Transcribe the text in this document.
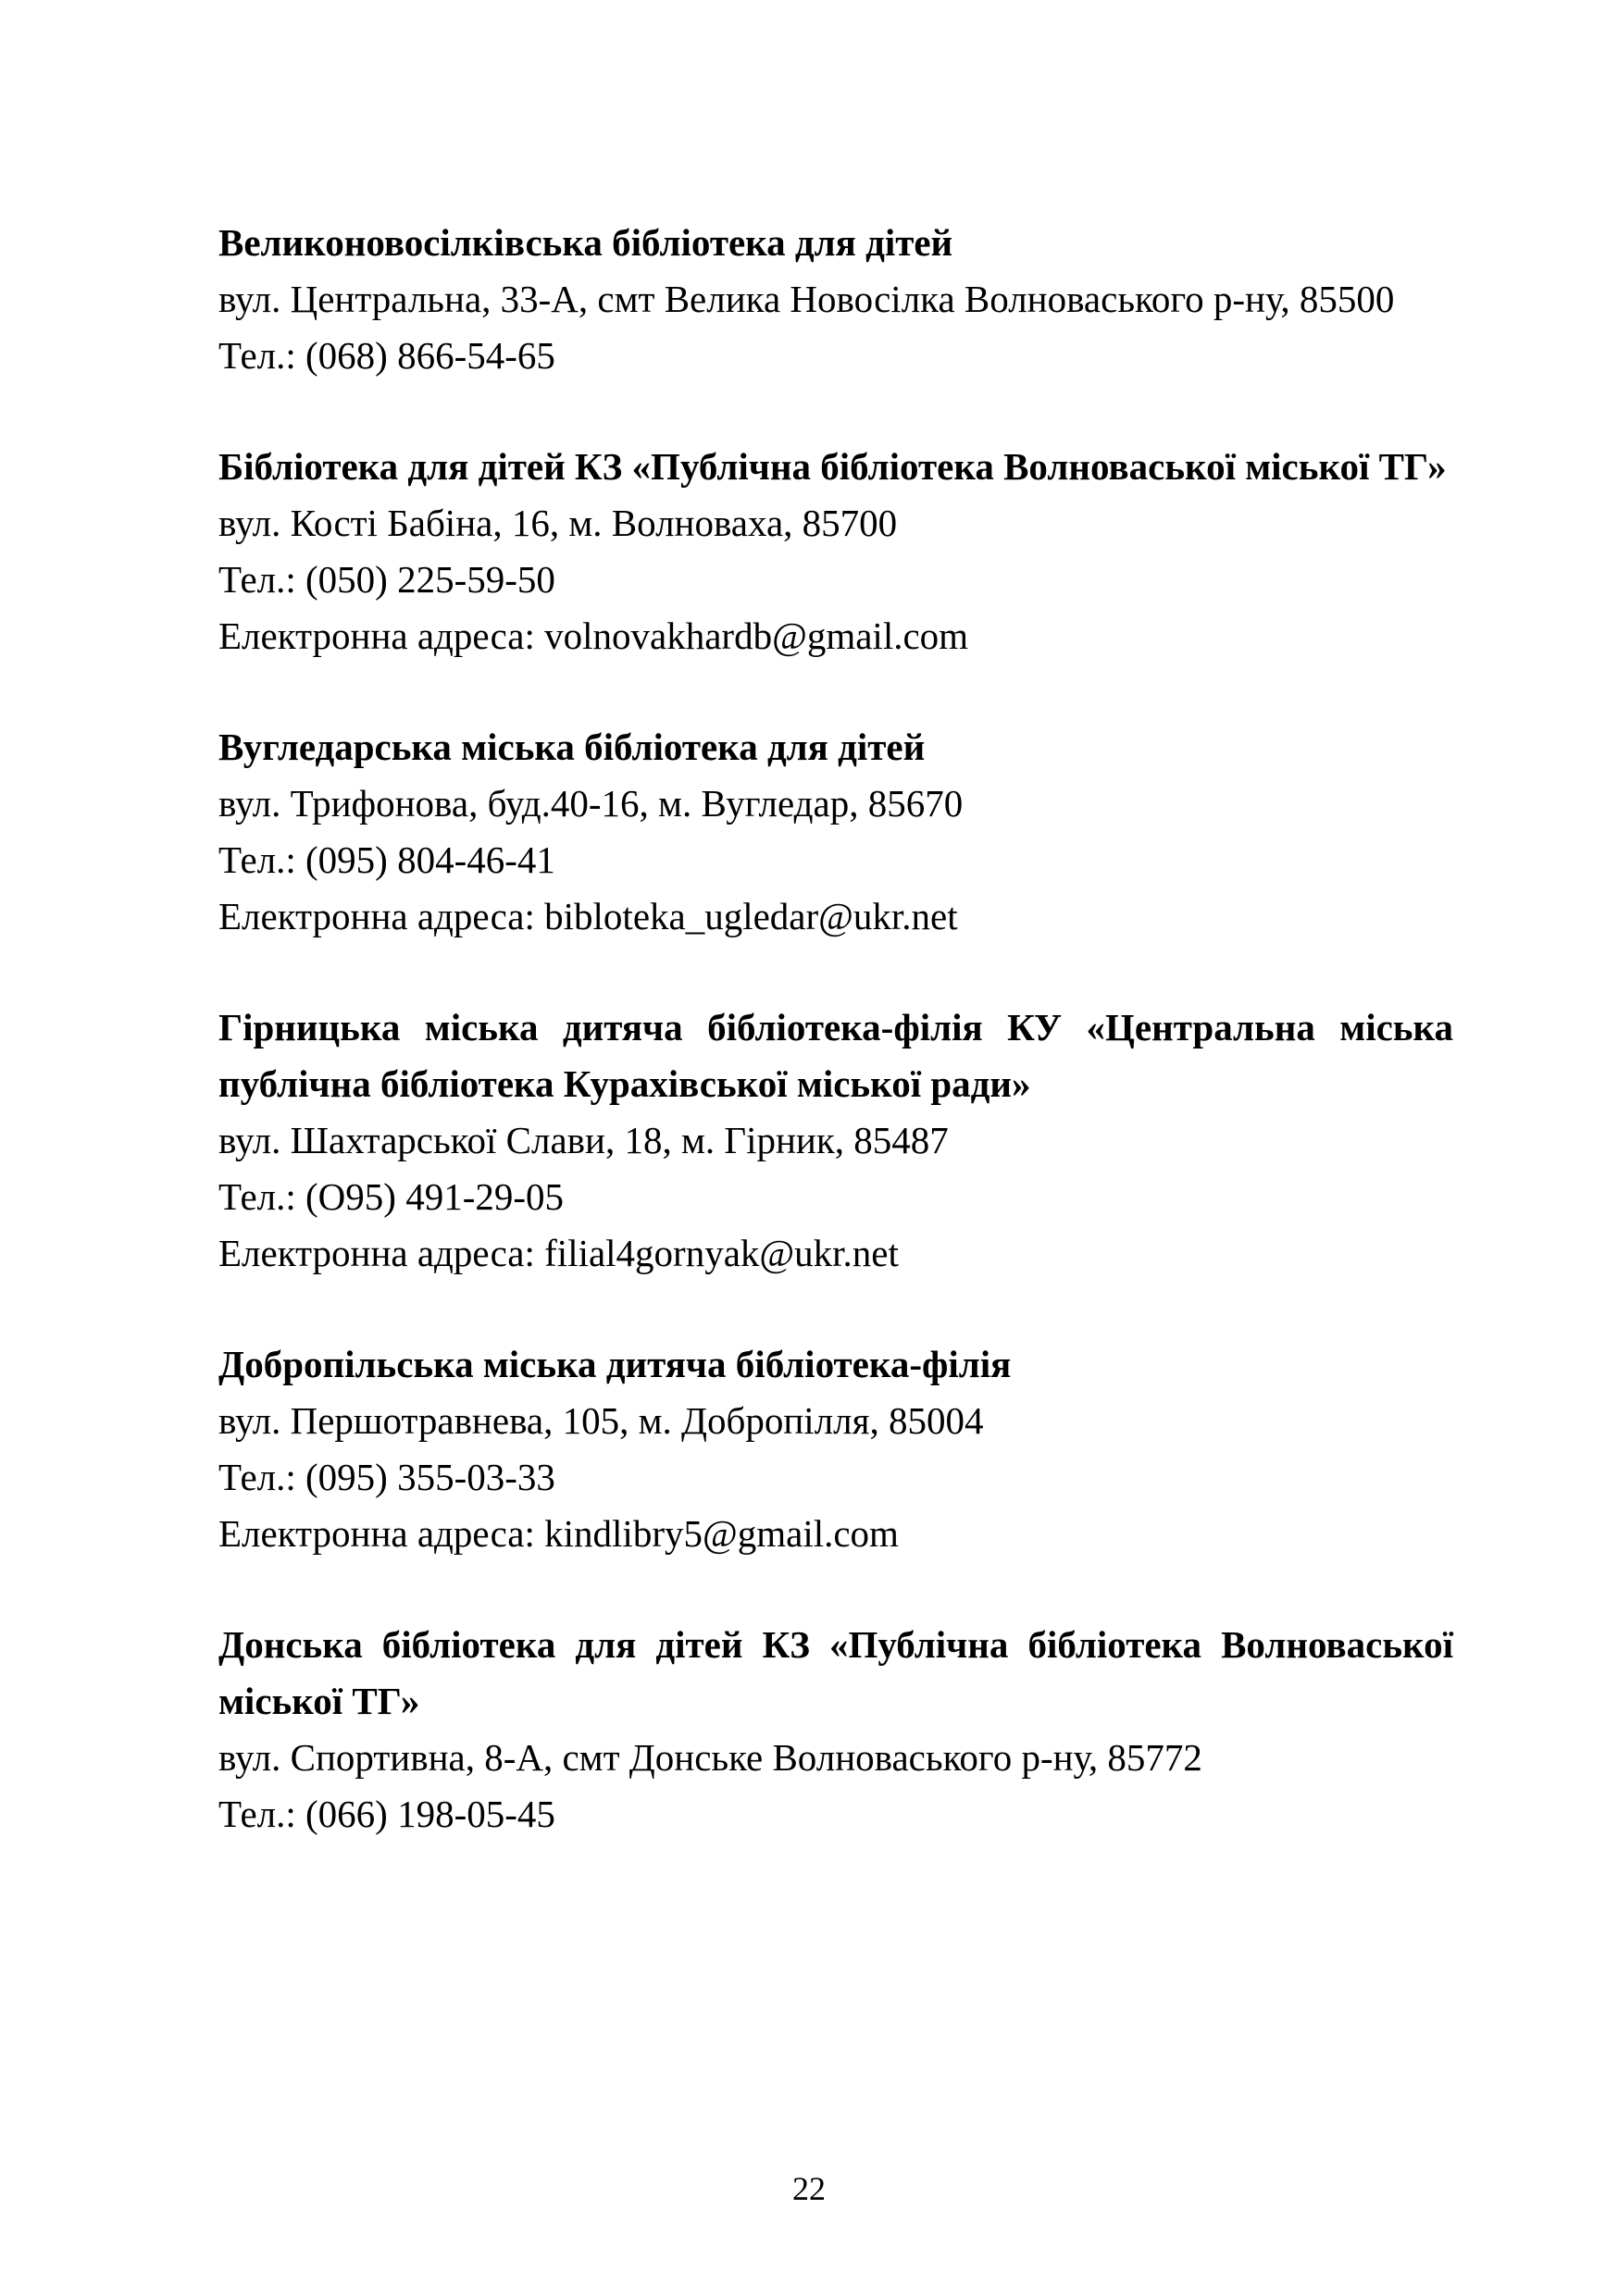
Великоновосілківська бібліотека для дітей

вул. Центральна, 33-А, смт Велика Новосілка Волноваського р-ну, 85500

Тел.: (068) 866-54-65

Бібліотека для дітей КЗ «Публічна бібліотека Волноваської міської ТГ»

вул. Кості Бабіна, 16, м. Волноваха, 85700

Тел.: (050) 225-59-50

Електронна адреса: volnovakhardb@gmail.com

Вугледарська міська бібліотека для дітей

вул. Трифонова, буд.40-16, м. Вугледар, 85670

Тел.: (095) 804-46-41

Електронна адреса: bibloteka_ugledar@ukr.net

Гірницька міська дитяча бібліотека-філія КУ «Центральна міська публічна бібліотека Курахівської міської ради»

вул. Шахтарської Слави, 18, м. Гірник, 85487

Тел.: (О95) 491-29-05

Електронна адреса: filial4gornyak@ukr.net

Добропільська міська дитяча бібліотека-філія

вул. Першотравнева, 105, м. Добропілля, 85004

Тел.: (095) 355-03-33

Електронна адреса: kindlibry5@gmail.com

Донська бібліотека для дітей КЗ «Публічна бібліотека Волноваської міської ТГ»

вул. Спортивна, 8-А, смт Донське Волноваського р-ну, 85772

Тел.: (066) 198-05-45

22
